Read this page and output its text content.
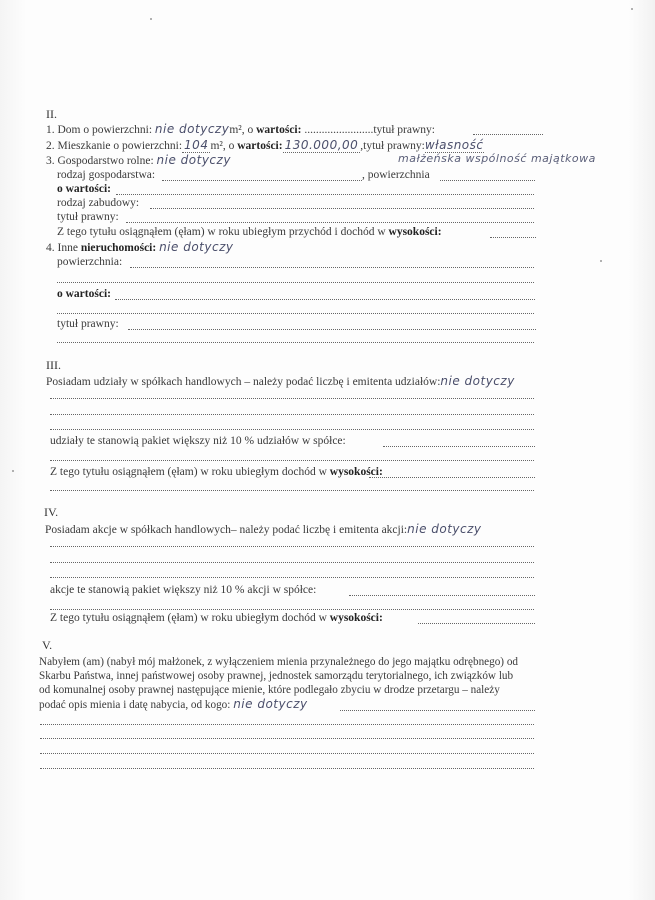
II.
1. Dom o powierzchni: nie dotyczym², o wartości: ........................tytuł prawny:
2. Mieszkanie o powierzchni: 104 m², o wartości: 130.000,00 ,tytuł prawny:własność
3. Gospodarstwo rolne: nie dotyczy	małżeńska wspólność majątkowa
rodzaj gospodarstwa:	, powierzchnia
o wartości:
rodzaj zabudowy:
tytuł prawny:
Z tego tytułu osiągnąłem (ęłam) w roku ubiegłym przychód i dochód w wysokości:
4. Inne nieruchomości: nie dotyczy
powierzchnia:
o wartości:
tytuł prawny:
III.
Posiadam udziały w spółkach handlowych – należy podać liczbę i emitenta udziałów:nie dotyczy
udziały te stanowią pakiet większy niż 10 % udziałów w spółce:
Z tego tytułu osiągnąłem (ęłam) w roku ubiegłym dochód w wysokości:
IV.
Posiadam akcje w spółkach handlowych– należy podać liczbę i emitenta akcji:nie dotyczy
akcje te stanowią pakiet większy niż 10 % akcji w spółce:
Z tego tytułu osiągnąłem (ęłam) w roku ubiegłym dochód w wysokości:
V.
Nabyłem (am) (nabył mój małżonek, z wyłączeniem mienia przynależnego do jego majątku odrębnego) od
Skarbu Państwa, innej państwowej osoby prawnej, jednostek samorządu terytorialnego, ich związków lub
od komunalnej osoby prawnej następujące mienie, które podlegało zbyciu w drodze przetargu – należy
podać opis mienia i datę nabycia, od kogo: nie dotyczy
